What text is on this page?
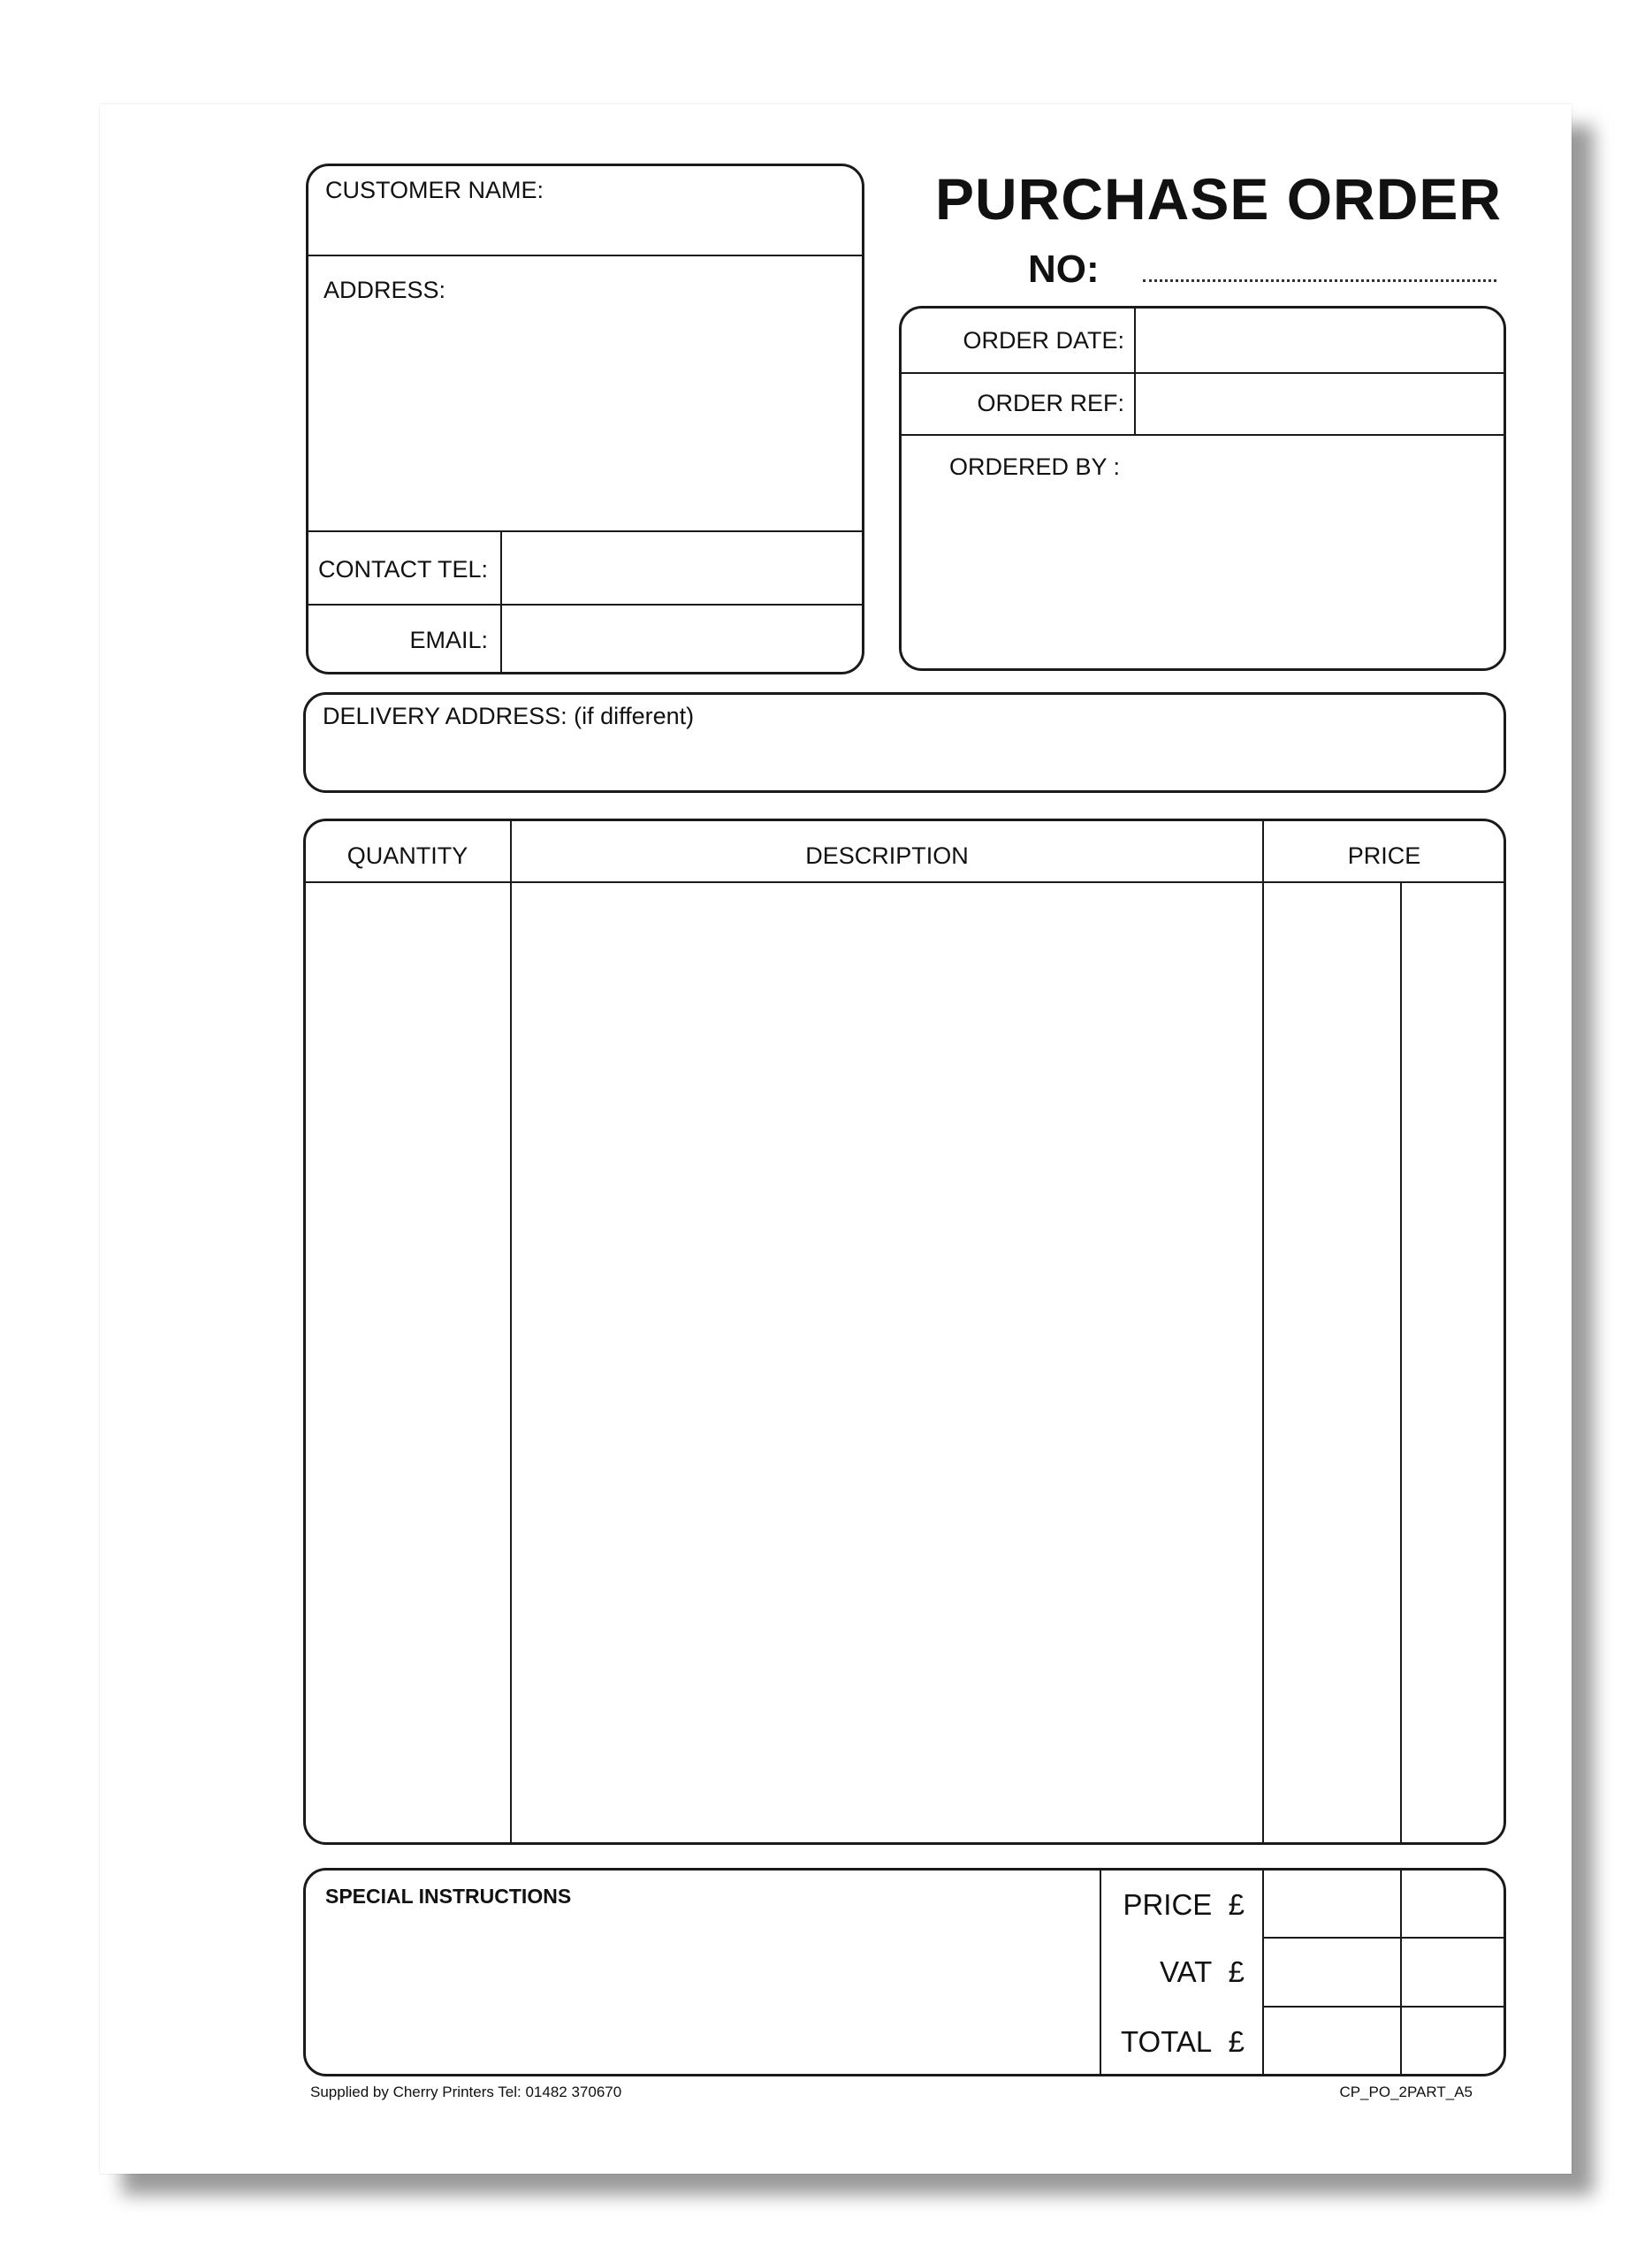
PURCHASE ORDER
NO:
CUSTOMER NAME:
ADDRESS:
CONTACT TEL:
EMAIL:
ORDER DATE:
ORDER REF:
ORDERED BY :
DELIVERY ADDRESS: (if different)
QUANTITY	DESCRIPTION	PRICE
SPECIAL INSTRUCTIONS	PRICE £
VAT £
TOTAL £
Supplied by Cherry Printers Tel: 01482 370670	CP_PO_2PART_A5
